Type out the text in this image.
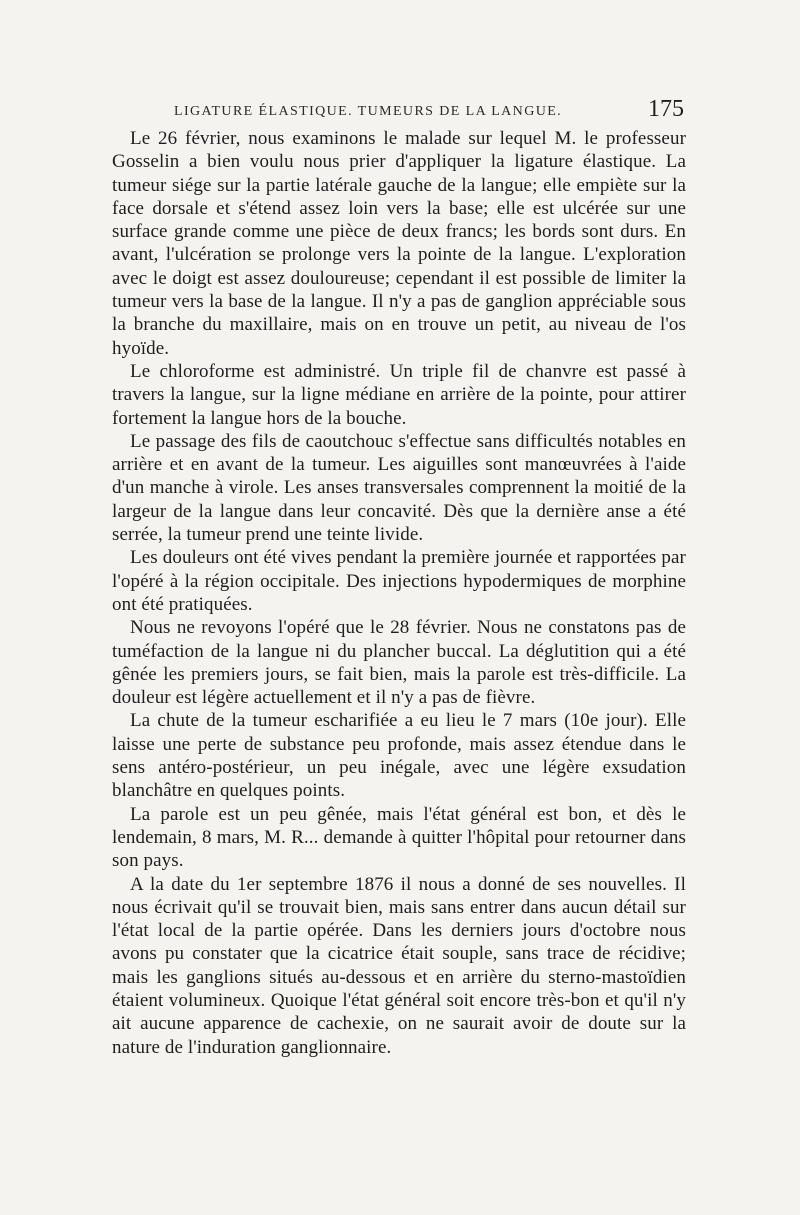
LIGATURE ÉLASTIQUE. TUMEURS DE LA LANGUE.	175

Le 26 février, nous examinons le malade sur lequel M. le professeur Gosselin a bien voulu nous prier d'appliquer la ligature élastique. La tumeur siége sur la partie latérale gauche de la langue; elle empiète sur la face dorsale et s'étend assez loin vers la base; elle est ulcérée sur une surface grande comme une pièce de deux francs; les bords sont durs. En avant, l'ulcération se prolonge vers la pointe de la langue. L'exploration avec le doigt est assez douloureuse; cependant il est possible de limiter la tumeur vers la base de la langue. Il n'y a pas de ganglion appréciable sous la branche du maxillaire, mais on en trouve un petit, au niveau de l'os hyoïde.

Le chloroforme est administré. Un triple fil de chanvre est passé à travers la langue, sur la ligne médiane en arrière de la pointe, pour attirer fortement la langue hors de la bouche.

Le passage des fils de caoutchouc s'effectue sans difficultés notables en arrière et en avant de la tumeur. Les aiguilles sont manœuvrées à l'aide d'un manche à virole. Les anses transversales comprennent la moitié de la largeur de la langue dans leur concavité. Dès que la dernière anse a été serrée, la tumeur prend une teinte livide.

Les douleurs ont été vives pendant la première journée et rapportées par l'opéré à la région occipitale. Des injections hypodermiques de morphine ont été pratiquées.

Nous ne revoyons l'opéré que le 28 février. Nous ne constatons pas de tuméfaction de la langue ni du plancher buccal. La déglutition qui a été gênée les premiers jours, se fait bien, mais la parole est très-difficile. La douleur est légère actuellement et il n'y a pas de fièvre.

La chute de la tumeur escharifiée a eu lieu le 7 mars (10e jour). Elle laisse une perte de substance peu profonde, mais assez étendue dans le sens antéro-postérieur, un peu inégale, avec une légère exsudation blanchâtre en quelques points.

La parole est un peu gênée, mais l'état général est bon, et dès le lendemain, 8 mars, M. R... demande à quitter l'hôpital pour retourner dans son pays.

A la date du 1er septembre 1876 il nous a donné de ses nouvelles. Il nous écrivait qu'il se trouvait bien, mais sans entrer dans aucun détail sur l'état local de la partie opérée. Dans les derniers jours d'octobre nous avons pu constater que la cicatrice était souple, sans trace de récidive; mais les ganglions situés au-dessous et en arrière du sterno-mastoïdien étaient volumineux. Quoique l'état général soit encore très-bon et qu'il n'y ait aucune apparence de cachexie, on ne saurait avoir de doute sur la nature de l'induration ganglionnaire.
